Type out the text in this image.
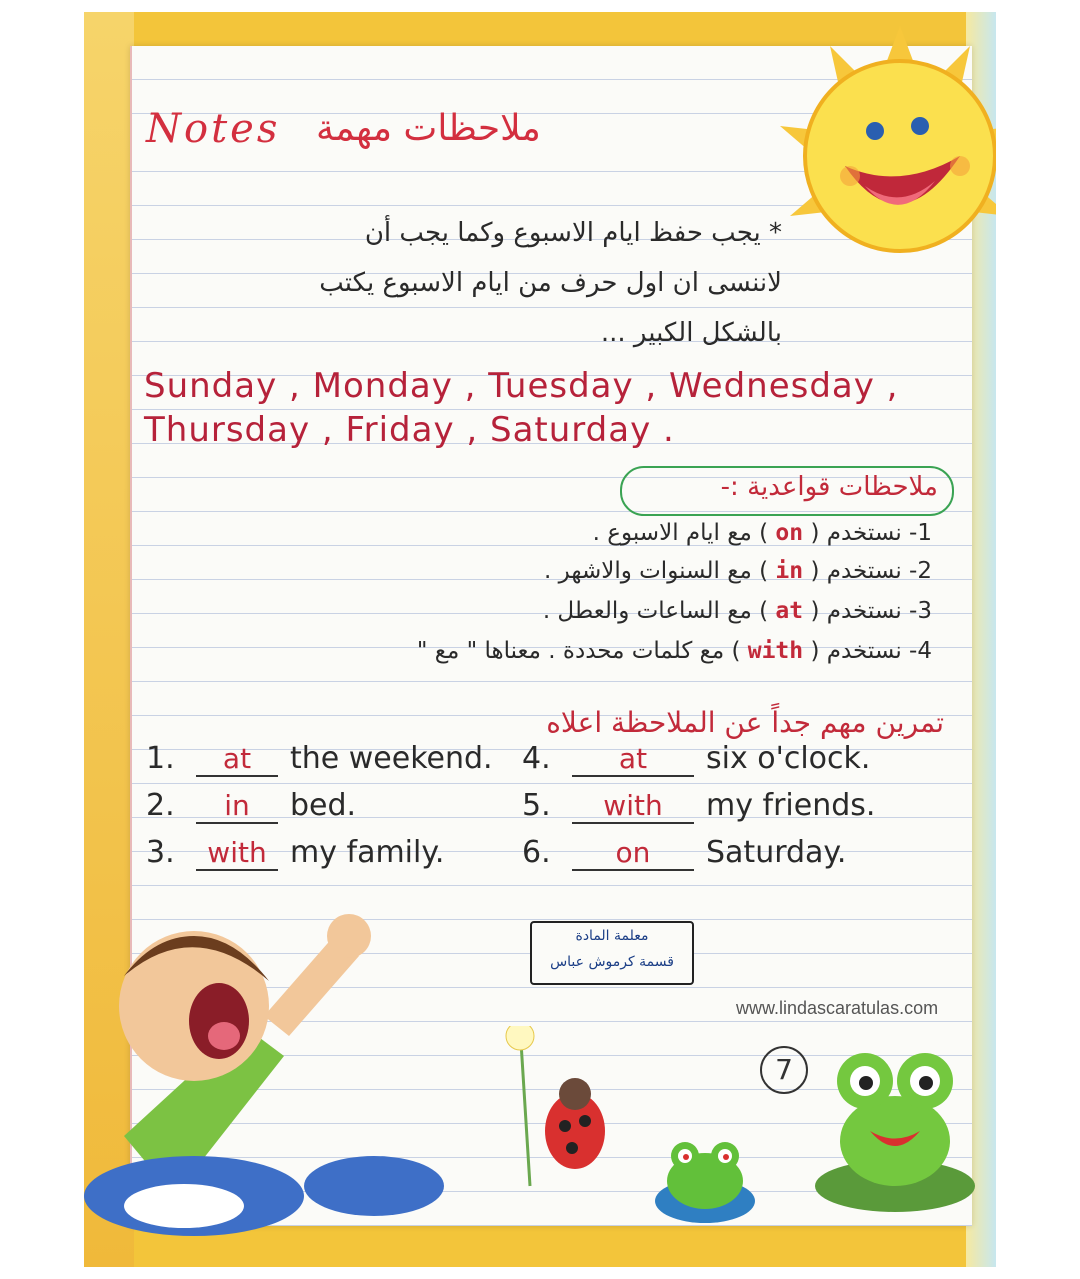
Notes ملاحظات مهمة
* يجب حفظ ايام الاسبوع وكما يجب أن
لاننسى ان اول حرف من ايام الاسبوع يكتب
بالشكل الكبير ...
Sunday , Monday , Tuesday , Wednesday ,
Thursday , Friday , Saturday .
ملاحظات قواعدية :-
1- نستخدم ( on ) مع ايام الاسبوع .
2- نستخدم ( in ) مع السنوات والاشهر .
3- نستخدم ( at ) مع الساعات والعطل .
4- نستخدم ( with ) مع كلمات محددة . معناها " مع "
تمرين مهم جداً عن الملاحظة اعلاه
1. at the weekend.
2. in bed.
3. with my family.
4. at six o'clock.
5. with my friends.
6. on Saturday.
معلمة المادة
قسمة كرموش عباس
www.lindascaratulas.com
7
